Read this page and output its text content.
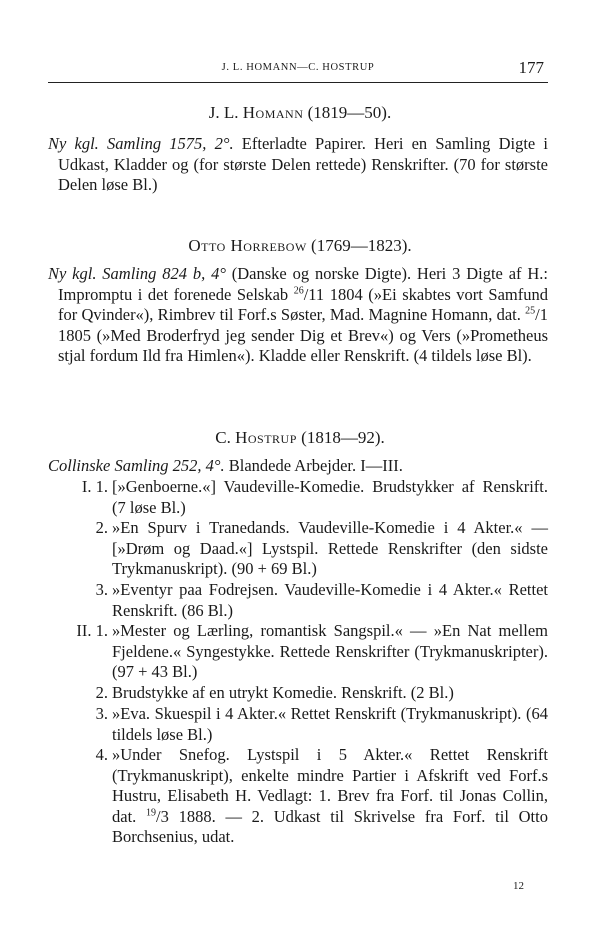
J. L. HOMANN—C. HOSTRUP	177
J. L. Homann (1819—50).
Ny kgl. Samling 1575, 2°. Efterladte Papirer. Heri en Samling Digte i Udkast, Kladder og (for største Delen rettede) Renskrifter. (70 for største Delen løse Bl.)
Otto Horrebow (1769—1823).
Ny kgl. Samling 824 b, 4° (Danske og norske Digte). Heri 3 Digte af H.: Impromptu i det forenede Selskab $^{26}$/11 1804 (»Ei skabtes vort Samfund for Qvinder«), Rimbrev til Forf.s Søster, Mad. Magnine Homann, dat. $^{25}$/1 1805 (»Med Broderfryd jeg sender Dig et Brev«) og Vers (»Prometheus stjal fordum Ild fra Himlen«). Kladde eller Renskrift. (4 tildels løse Bl).
C. Hostrup (1818—92).
Collinske Samling 252, 4°. Blandede Arbejder. I—III.
I. 1. [»Genboerne.«] Vaudeville-Komedie. Brudstykker af Renskrift. (7 løse Bl.)
2. »En Spurv i Tranedands. Vaudeville-Komedie i 4 Akter.« — [»Drøm og Daad.«] Lystspil. Rettede Renskrifter (den sidste Trykmanuskript). (90 + 69 Bl.)
3. »Eventyr paa Fodrejsen. Vaudeville-Komedie i 4 Akter.« Rettet Renskrift. (86 Bl.)
II. 1. »Mester og Lærling, romantisk Sangspil.« — »En Nat mellem Fjeldene.« Syngestykke. Rettede Renskrifter (Trykmanuskripter). (97 + 43 Bl.)
2. Brudstykke af en utrykt Komedie. Renskrift. (2 Bl.)
3. »Eva. Skuespil i 4 Akter.« Rettet Renskrift (Trykmanuskript). (64 tildels løse Bl.)
4. »Under Snefog. Lystspil i 5 Akter.« Rettet Renskrift (Trykmanuskript), enkelte mindre Partier i Afskrift ved Forf.s Hustru, Elisabeth H. Vedlagt: 1. Brev fra Forf. til Jonas Collin, dat. $^{19}$/3 1888. — 2. Udkast til Skrivelse fra Forf. til Otto Borchsenius, udat.
12
